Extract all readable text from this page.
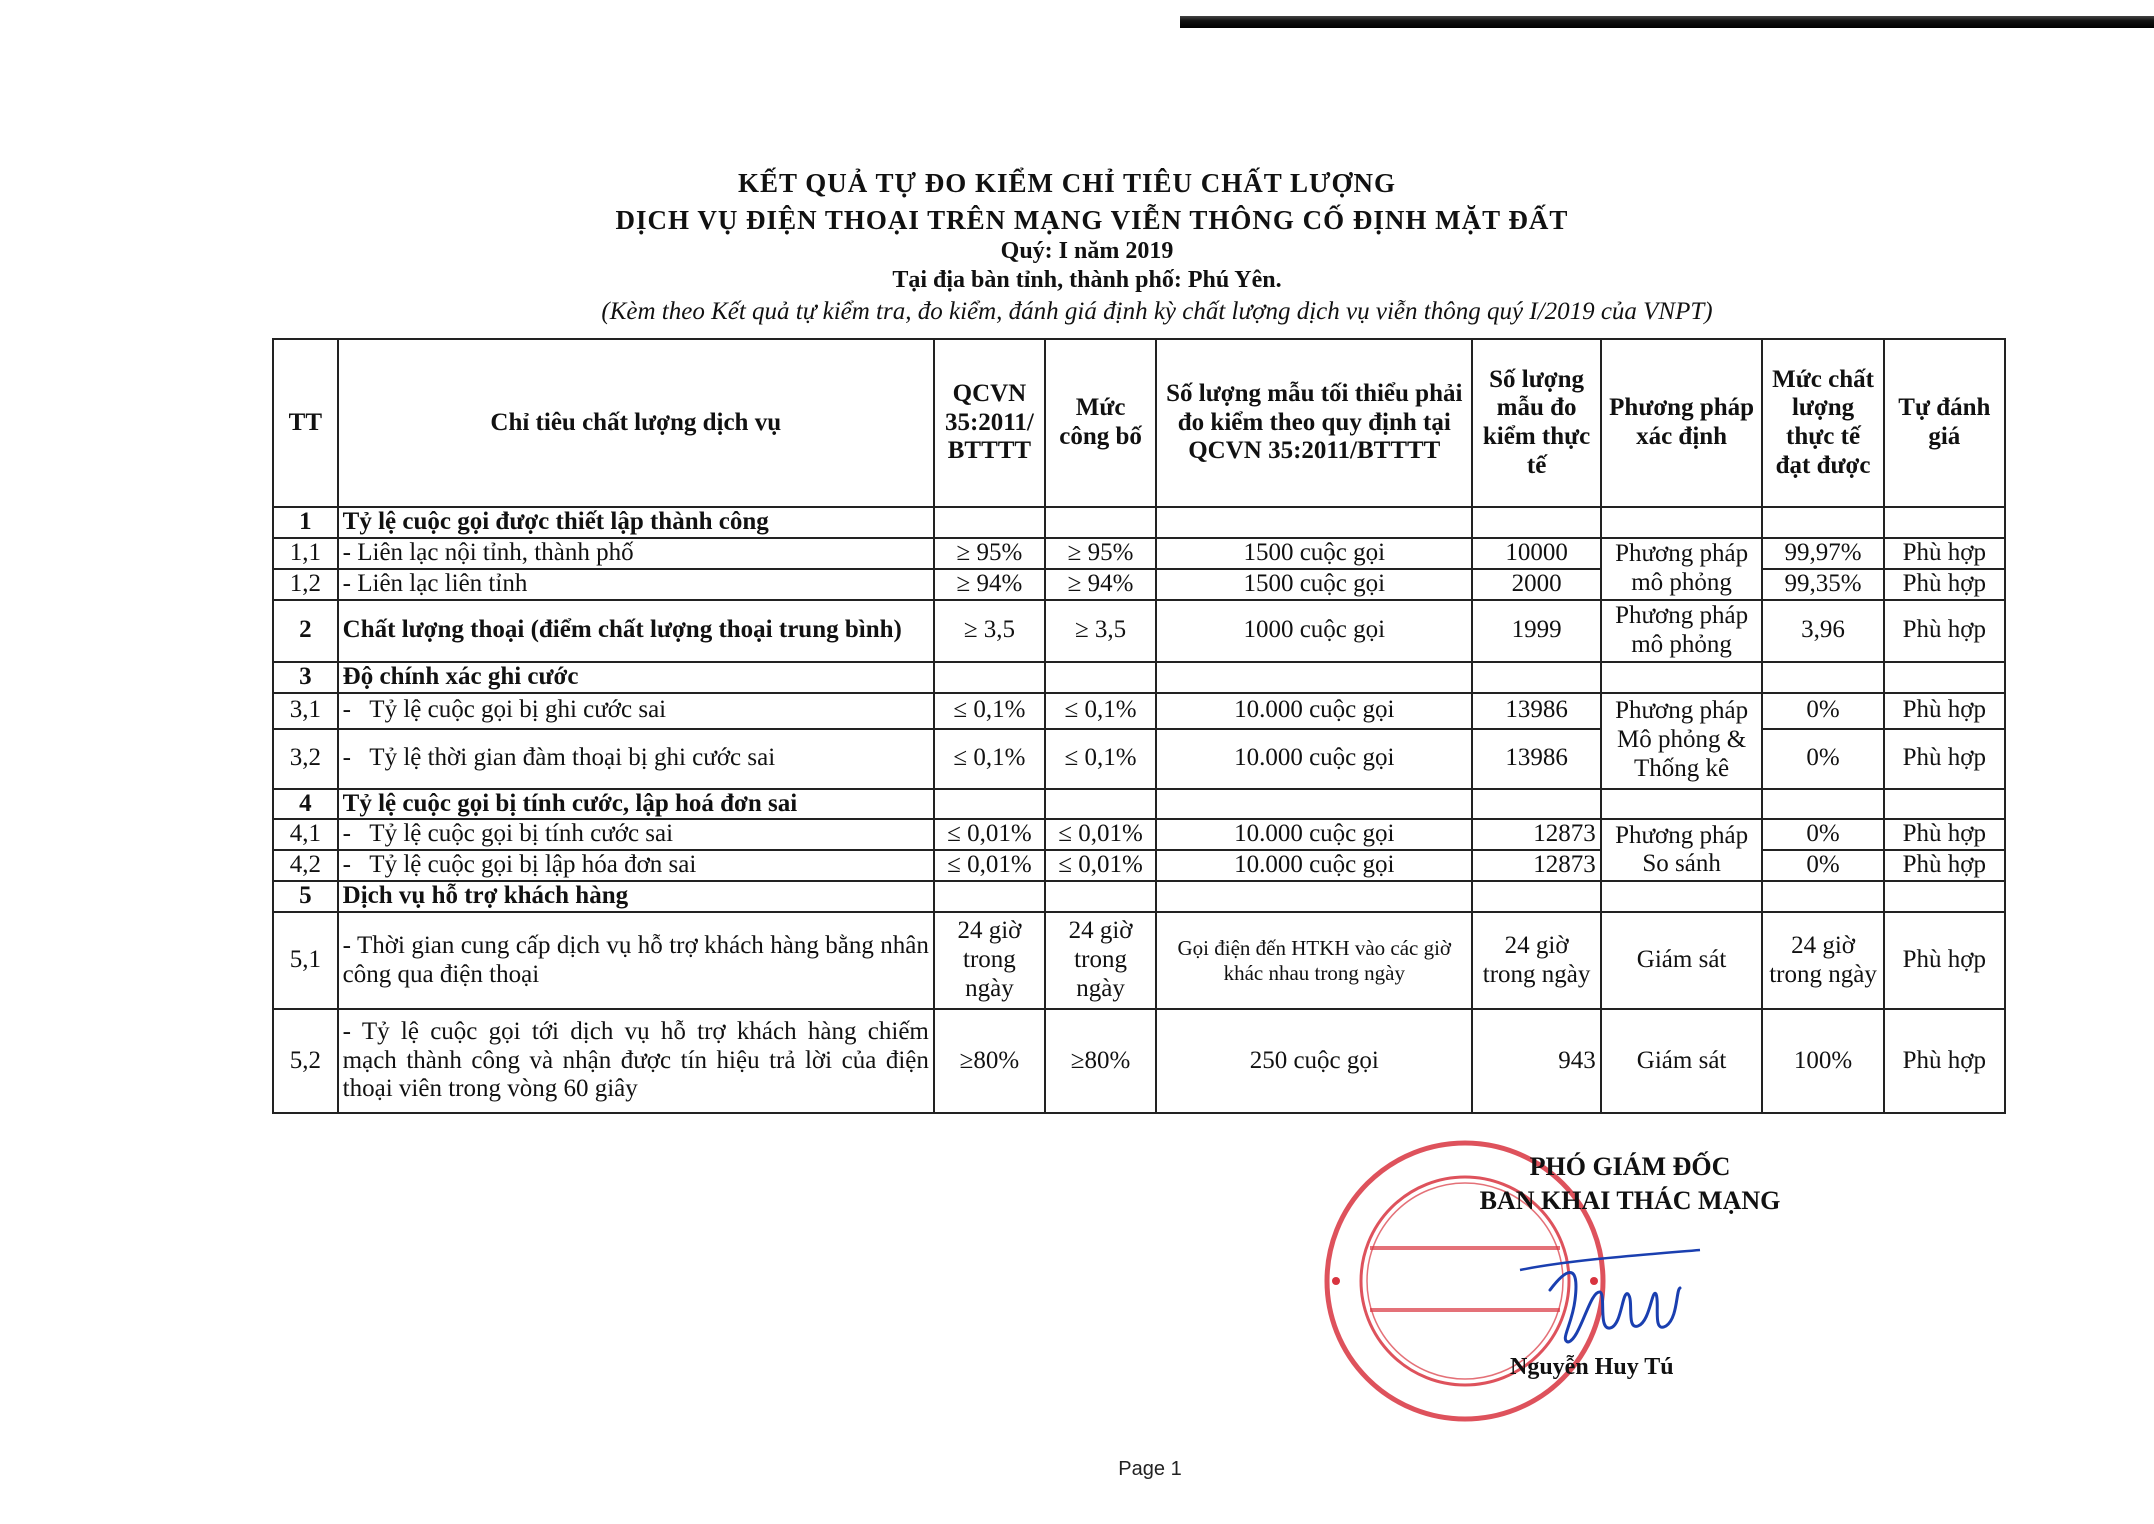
KẾT QUẢ TỰ ĐO KIỂM CHỈ TIÊU CHẤT LƯỢNG
DỊCH VỤ ĐIỆN THOẠI TRÊN MẠNG VIỄN THÔNG CỐ ĐỊNH MẶT ĐẤT
Quý: I năm 2019
Tại địa bàn tỉnh, thành phố: Phú Yên.
(Kèm theo Kết quả tự kiểm tra, đo kiểm, đánh giá định kỳ chất lượng dịch vụ viễn thông quý I/2019 của VNPT)
TT	Chỉ tiêu chất lượng dịch vụ	QCVN 35:2011/ BTTTT	Mức công bố	Số lượng mẫu tối thiểu phải đo kiểm theo quy định tại QCVN 35:2011/BTTTT	Số lượng mẫu đo kiểm thực tế	Phương pháp xác định	Mức chất lượng thực tế đạt được	Tự đánh giá
1	Tỷ lệ cuộc gọi được thiết lập thành công							
1,1	- Liên lạc nội tỉnh, thành phố	≥ 95%	≥ 95%	1500 cuộc gọi	10000	Phương pháp mô phỏng	99,97%	Phù hợp
1,2	- Liên lạc liên tỉnh	≥ 94%	≥ 94%	1500 cuộc gọi	2000		99,35%	Phù hợp
2	Chất lượng thoại (điểm chất lượng thoại trung bình)	≥ 3,5	≥ 3,5	1000 cuộc gọi	1999	Phương pháp mô phỏng	3,96	Phù hợp
3	Độ chính xác ghi cước							
3,1	-   Tỷ lệ cuộc gọi bị ghi cước sai	≤ 0,1%	≤ 0,1%	10.000 cuộc gọi	13986	Phương pháp Mô phỏng & Thống kê	0%	Phù hợp
3,2	-   Tỷ lệ thời gian đàm thoại bị ghi cước sai	≤ 0,1%	≤ 0,1%	10.000 cuộc gọi	13986		0%	Phù hợp
4	Tỷ lệ cuộc gọi bị tính cước, lập hoá đơn sai							
4,1	-   Tỷ lệ cuộc gọi bị tính cước sai	≤ 0,01%	≤ 0,01%	10.000 cuộc gọi	12873	Phương pháp So sánh	0%	Phù hợp
4,2	-   Tỷ lệ cuộc gọi bị lập hóa đơn sai	≤ 0,01%	≤ 0,01%	10.000 cuộc gọi	12873		0%	Phù hợp
5	Dịch vụ hỗ trợ khách hàng							
5,1	- Thời gian cung cấp dịch vụ hỗ trợ khách hàng bằng nhân công qua điện thoại	24 giờ trong ngày	24 giờ trong ngày	Gọi điện đến HTKH vào các giờ khác nhau trong ngày	24 giờ trong ngày	Giám sát	24 giờ trong ngày	Phù hợp
5,2	- Tỷ lệ cuộc gọi tới dịch vụ hỗ trợ khách hàng chiếm mạch thành công và nhận được tín hiệu trả lời của điện thoại viên trong vòng 60 giây	≥80%	≥80%	250 cuộc gọi	943	Giám sát	100%	Phù hợp
PHÓ GIÁM ĐỐC
BAN KHAI THÁC MẠNG
Nguyễn Huy Tú
Page 1
